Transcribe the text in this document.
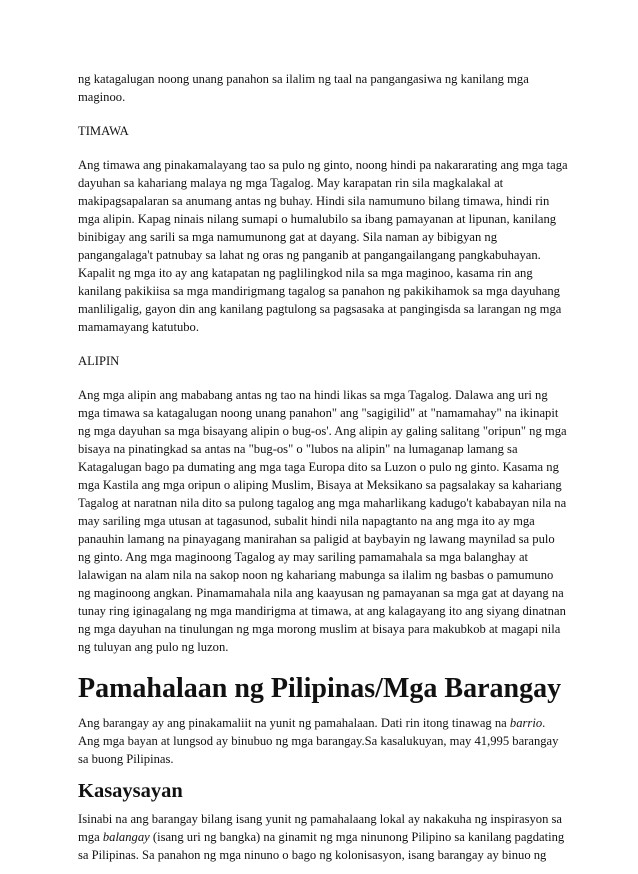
ng katagalugan noong unang panahon sa ilalim ng taal na pangangasiwa ng kanilang mga maginoo.

TIMAWA

Ang timawa ang pinakamalayang tao sa pulo ng ginto, noong hindi pa nakararating ang mga taga dayuhan sa kahariang malaya ng mga Tagalog. May karapatan rin sila magkalakal at makipagsapalaran sa anumang antas ng buhay. Hindi sila namumuno bilang timawa, hindi rin mga alipin. Kapag ninais nilang sumapi o humalubilo sa ibang pamayanan at lipunan, kanilang binibigay ang sarili sa mga namumunong gat at dayang. Sila naman ay bibigyan ng pangangalaga't patnubay sa lahat ng oras ng panganib at pangangailangang pangkabuhayan. Kapalit ng mga ito ay ang katapatan ng paglilingkod nila sa mga maginoo, kasama rin ang kanilang pakikiisa sa mga mandirigmang tagalog sa panahon ng pakikihamok sa mga dayuhang manliligalig, gayon din ang kanilang pagtulong sa pagsasaka at pangingisda sa larangan ng mga mamamayang katutubo.

ALIPIN

Ang mga alipin ang mababang antas ng tao na hindi likas sa mga Tagalog. Dalawa ang uri ng mga timawa sa katagalugan noong unang panahon" ang "sagigilid" at "namamahay" na ikinapit ng mga dayuhan sa mga bisayang alipin o bug-os'. Ang alipin ay galing salitang "oripun" ng mga bisaya na pinatingkad sa antas na "bug-os" o "lubos na alipin" na lumaganap lamang sa Katagalugan bago pa dumating ang mga taga Europa dito sa Luzon o pulo ng ginto. Kasama ng mga Kastila ang mga oripun o aliping Muslim, Bisaya at Meksikano sa pagsalakay sa kahariang Tagalog at naratnan nila dito sa pulong tagalog ang mga maharlikang kadugo't kababayan nila na may sariling mga utusan at tagasunod, subalit hindi nila napagtanto na ang mga ito ay mga panauhin lamang na pinayagang manirahan sa paligid at baybayin ng lawang maynilad sa pulo ng ginto. Ang mga maginoong Tagalog ay may sariling pamamahala sa mga balanghay at lalawigan na alam nila na sakop noon ng kahariang mabunga sa ilalim ng basbas o pamumuno ng maginoong angkan. Pinamamahala nila ang kaayusan ng pamayanan sa mga gat at dayang na tunay ring iginagalang ng mga mandirigma at timawa, at ang kalagayang ito ang siyang dinatnan ng mga dayuhan na tinulungan ng mga morong muslim at bisaya para makubkob at magapi nila ng tuluyan ang pulo ng luzon.

Pamahalaan ng Pilipinas/Mga Barangay

Ang barangay ay ang pinakamaliit na yunit ng pamahalaan. Dati rin itong tinawag na barrio. Ang mga bayan at lungsod ay binubuo ng mga barangay.Sa kasalukuyan, may 41,995 barangay sa buong Pilipinas.

Kasaysayan

Isinabi na ang barangay bilang isang yunit ng pamahalaang lokal ay nakakuha ng inspirasyon sa mga balangay (isang uri ng bangka) na ginamit ng mga ninunong Pilipino sa kanilang pagdating sa Pilipinas. Sa panahon ng mga ninuno o bago ng kolonisasyon, isang barangay ay binuo ng
